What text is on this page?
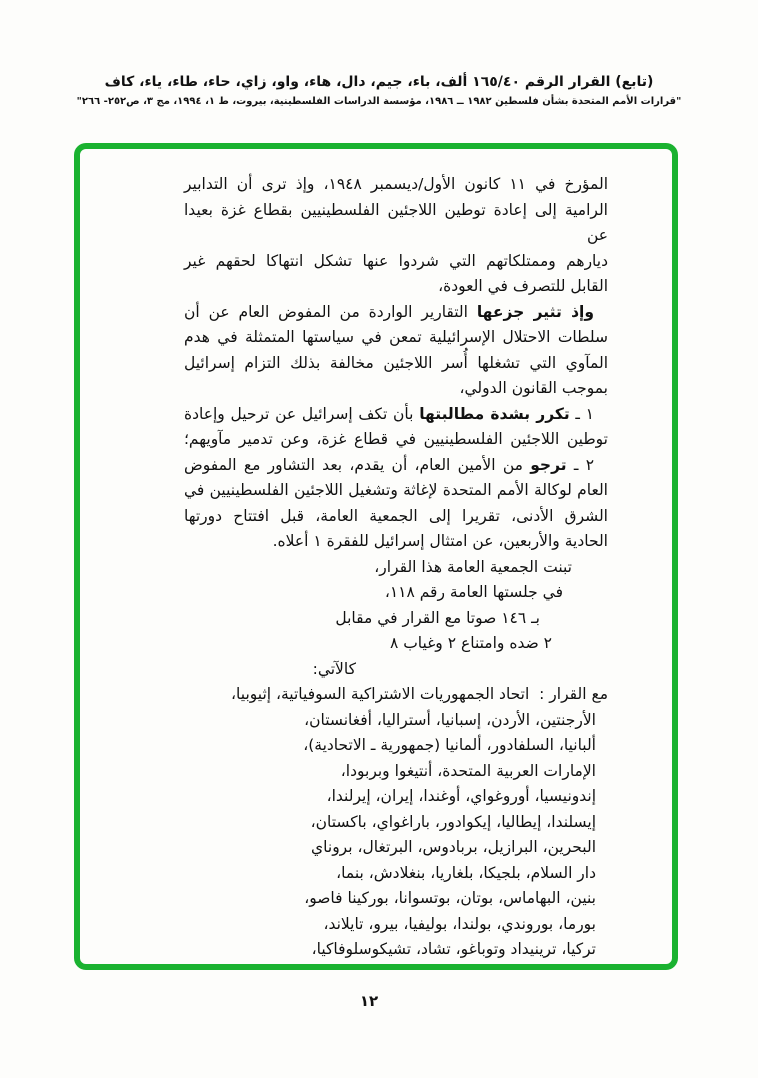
(تابع) القرار الرقم ١٦٥/٤٠ ألف، باء، جيم، دال، هاء، واو، زاي، حاء، طاء، ياء، كاف
"قرارات الأمم المتحدة بشأن فلسطين ١٩٨٢ ــ ١٩٨٦، مؤسسة الدراسات الفلسطينية، بيروت، ط ١، ١٩٩٤، مج ٣، ص٢٥٢- ٢٦٦"
المؤرخ في ١١ كانون الأول/ديسمبر ١٩٤٨، وإذ ترى أن التدابير
الرامية إلى إعادة توطين اللاجئين الفلسطينيين بقطاع غزة بعيدا عن
ديارهم وممتلكاتهم التي شردوا عنها تشكل انتهاكا لحقهم غير
القابل للتصرف في العودة،
وإذ تثير جزعها التقارير الواردة من المفوض العام عن أن
سلطات الاحتلال الإسرائيلية تمعن في سياستها المتمثلة في هدم
المآوي التي تشغلها أُسر اللاجئين مخالفة بذلك التزام إسرائيل
بموجب القانون الدولي،
١ ـ تكرر بشدة مطالبتها بأن تكف إسرائيل عن ترحيل وإعادة
توطين اللاجئين الفلسطينيين في قطاع غزة، وعن تدمير مآويهم؛
٢ ـ ترجو من الأمين العام، أن يقدم، بعد التشاور مع المفوض
العام لوكالة الأمم المتحدة لإغاثة وتشغيل اللاجئين الفلسطينيين في
الشرق الأدنى، تقريرا إلى الجمعية العامة، قبل افتتاح دورتها
الحادية والأربعين، عن امتثال إسرائيل للفقرة ١ أعلاه.
تبنت الجمعية العامة هذا القرار،
في جلستها العامة رقم ١١٨،
بـ ١٤٦ صوتا مع القرار في مقابل
٢ ضده وامتناع ٢ وغياب ٨
كالآتي:
مع القرار :  اتحاد الجمهوريات الاشتراكية السوفياتية، إثيوبيا،
الأرجنتين، الأردن، إسبانيا، أستراليا، أفغانستان،
ألبانيا، السلفادور، ألمانيا (جمهورية ـ الاتحادية)،
الإمارات العربية المتحدة، أنتيغوا وبربودا،
إندونيسيا، أوروغواي، أوغندا، إيران، إيرلندا،
إيسلندا، إيطاليا، إيكوادور، باراغواي، باكستان،
البحرين، البرازيل، بربادوس، البرتغال، بروناي
دار السلام، بلجيكا، بلغاريا، بنغلادش، بنما،
بنين، البهاماس، بوتان، بوتسوانا، بوركينا فاصو،
بورما، بوروندي، بولندا، بوليفيا، بيرو، تايلاند،
تركيا، ترينيداد وتوباغو، تشاد، تشيكوسلوفاكيا،
١٢
